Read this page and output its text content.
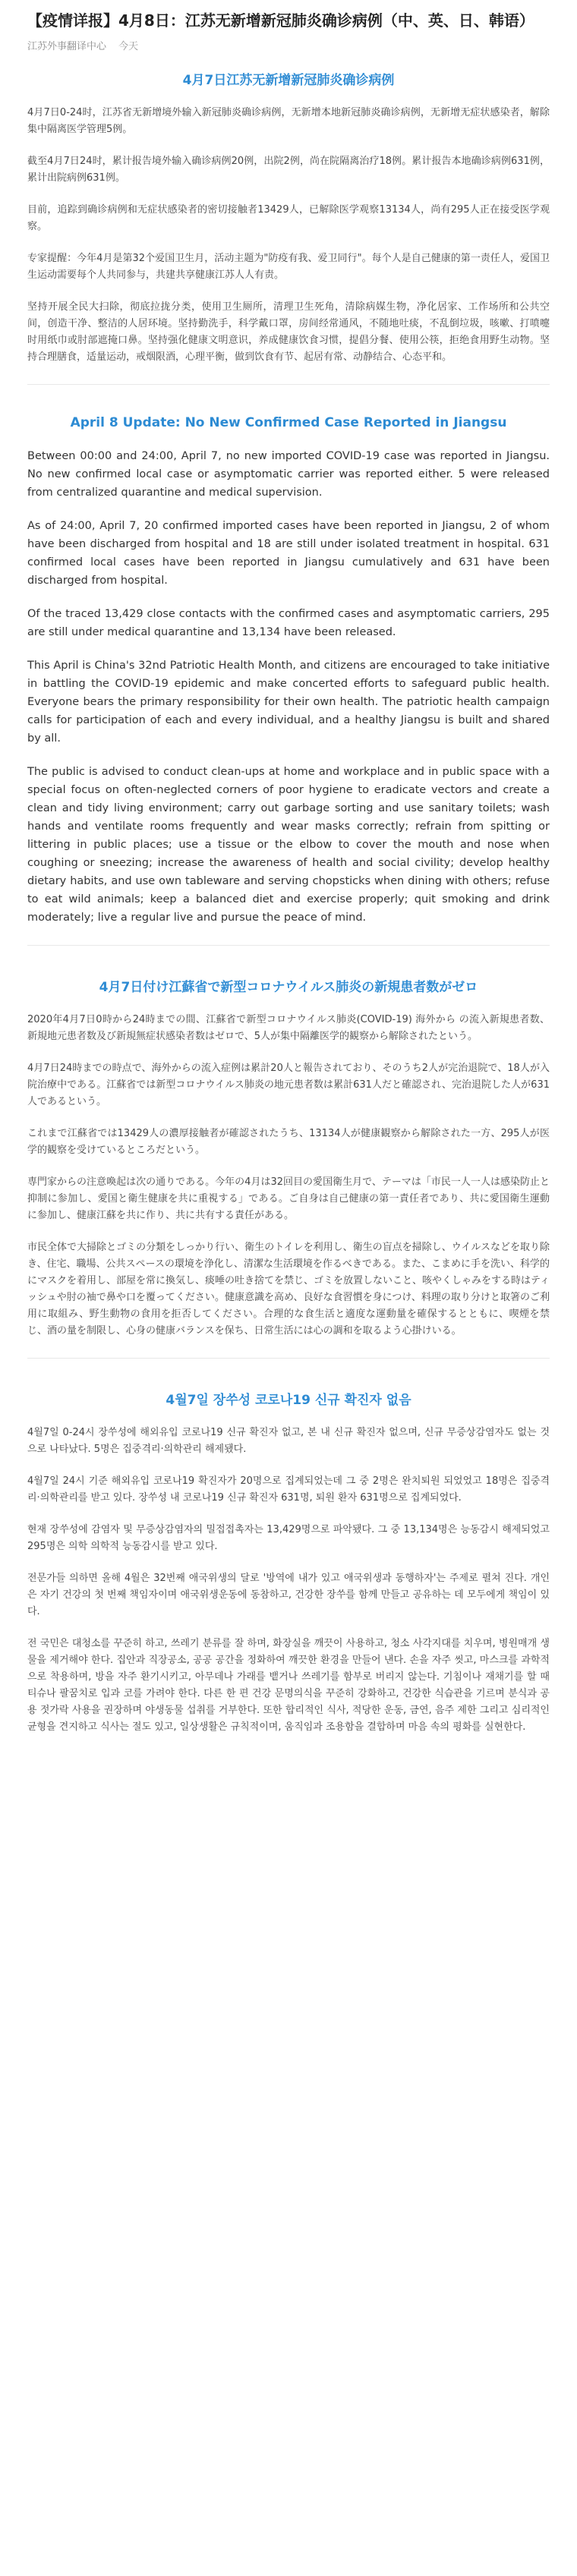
【疫情详报】4月8日：江苏无新增新冠肺炎确诊病例（中、英、日、韩语）
江苏外事翻译中心 今天
4月7日江苏无新增新冠肺炎确诊病例

4月7日0-24时，江苏省无新增境外输入新冠肺炎确诊病例，无新增本地新冠肺炎确诊病例，无新增无症状感染者，解除集中隔离医学管理5例。

截至4月7日24时，累计报告境外输入确诊病例20例，出院2例，尚在院隔离治疗18例。累计报告本地确诊病例631例，累计出院病例631例。

目前，追踪到确诊病例和无症状感染者的密切接触者13429人，已解除医学观察13134人，尚有295人正在接受医学观察。

专家提醒：今年4月是第32个爱国卫生月，活动主题为"防疫有我、爱卫同行"。每个人是自己健康的第一责任人，爱国卫生运动需要每个人共同参与，共建共享健康江苏人人有责。

坚持开展全民大扫除，彻底拉拢分类，使用卫生厕所，清理卫生死角，清除病媒生物，净化居家、工作场所和公共空间，创造干净、整洁的人居环境。坚持勤洗手，科学戴口罩，房间经常通风，不随地吐痰，不乱倒垃圾，咳嗽、打喷嚏时用纸巾或肘部遮掩口鼻。坚持强化健康文明意识，养成健康饮食习惯，提倡分餐、使用公筷，拒绝食用野生动物。坚持合理膳食，适量运动，戒烟限酒，心理平衡，做到饮食有节、起居有常、动静结合、心态平和。

April 8 Update: No New Confirmed Case Reported in Jiangsu

Between 00:00 and 24:00, April 7, no new imported COVID-19 case was reported in Jiangsu. No new confirmed local case or asymptomatic carrier was reported either. 5 were released from centralized quarantine and medical supervision.

As of 24:00, April 7, 20 confirmed imported cases have been reported in Jiangsu, 2 of whom have been discharged from hospital and 18 are still under isolated treatment in hospital. 631 confirmed local cases have been reported in Jiangsu cumulatively and 631 have been discharged from hospital.

Of the traced 13,429 close contacts with the confirmed cases and asymptomatic carriers, 295 are still under medical quarantine and 13,134 have been released.

This April is China's 32nd Patriotic Health Month, and citizens are encouraged to take initiative in battling the COVID-19 epidemic and make concerted efforts to safeguard public health. Everyone bears the primary responsibility for their own health. The patriotic health campaign calls for participation of each and every individual, and a healthy Jiangsu is built and shared by all.

The public is advised to conduct clean-ups at home and workplace and in public space with a special focus on often-neglected corners of poor hygiene to eradicate vectors and create a clean and tidy living environment; carry out garbage sorting and use sanitary toilets; wash hands and ventilate rooms frequently and wear masks correctly; refrain from spitting or littering in public places; use a tissue or the elbow to cover the mouth and nose when coughing or sneezing; increase the awareness of health and social civility; develop healthy dietary habits, and use own tableware and serving chopsticks when dining with others; refuse to eat wild animals; keep a balanced diet and exercise properly; quit smoking and drink moderately; live a regular live and pursue the peace of mind.

4月7日付け江蘇省で新型コロナウイルス肺炎の新規患者数がゼロ

2020年4月7日0時から24時までの間、江蘇省で新型コロナウイルス肺炎(COVID-19) 海外から の流入新規患者数、新規地元患者数及び新規無症状感染者数はゼロで、5人が集中隔離医学的観察から解除されたという。

4月7日24時までの時点で、海外からの流入症例は累計20人と報告されており、そのうち2人が完治退院で、18人が入院治療中である。江蘇省では新型コロナウイルス肺炎の地元患者数は累計631人だと確認され、完治退院した人が631人であるという。

これまで江蘇省では13429人の濃厚接触者が確認されたうち、13134人が健康観察から解除された一方、295人が医学的観察を受けているところだという。

専門家からの注意喚起は次の通りである。今年の4月は32回目の愛国衛生月で、テーマは「市民一人一人は感染防止と抑制に参加し、愛国と衛生健康を共に重視する」である。ご自身は自己健康の第一責任者であり、共に愛国衛生運動に参加し、健康江蘇を共に作り、共に共有する責任がある。

市民全体で大掃除とゴミの分類をしっかり行い、衛生のトイレを利用し、衛生の盲点を掃除し、ウイルスなどを取り除き、住宅、職場、公共スペースの環境を浄化し、清潔な生活環境を作るべきである。また、こまめに手を洗い、科学的にマスクを着用し、部屋を常に換気し、痰唾の吐き捨てを禁じ、ゴミを放置しないこと、咳やくしゃみをする時はティッシュや肘の袖で鼻や口を覆ってください。健康意識を高め、良好な食習慣を身につけ、料理の取り分けと取箸のご利用に取組み、野生動物の食用を拒否してください。合理的な食生活と適度な運動量を確保するとともに、喫煙を禁じ、酒の量を制限し、心身の健康バランスを保ち、日常生活には心の調和を取るよう心掛けいる。

4월7일 장쑤성 코로나19 신규 확진자 없음

4월7일 0-24시 장쑤성에 해외유입 코로나19 신규 확진자 없고, 본 내 신규 확진자 없으며, 신규 무증상감염자도 없는 것으로 나타났다. 5명은 집중격리·의학관리 해제됐다.

4월7일 24시 기준 해외유입 코로나19 확진자가 20명으로 집계되었는데 그 중 2명은 완치퇴원 되었었고 18명은 집중격리·의학관리를 받고 있다. 장쑤성 내 코로나19 신규 확진자 631명, 퇴원 환자 631명으로 집계되었다.

현재 장쑤성에 감염자 및 무증상감염자의 밀접접촉자는 13,429명으로 파악됐다. 그 중 13,134명은 능동감시 해제되었고 295명은 의학 의학적 능동감시를 받고 있다.

전문가들 의하면 올해 4월은 32번째 애국위생의 달로 '방역에 내가 있고 애국위생과 동행하자'는 주제로 펼쳐 진다. 개인은 자기 건강의 첫 번째 책임자이며 애국위생운동에 동참하고, 건강한 장쑤를 함께 만들고 공유하는 데 모두에게 책임이 있다.

전 국민은 대청소를 꾸준히 하고, 쓰레기 분류를 잘 하며, 화장실을 깨끗이 사용하고, 청소 사각지대를 치우며, 병원매개 생물을 제거해야 한다. 집안과 직장공소, 공공 공간을 정화하여 깨끗한 환경을 만들어 낸다. 손을 자주 씻고, 마스크를 과학적으로 착용하며, 방을 자주 환기시키고, 아무데나 가래를 뱉거나 쓰레기를 함부로 버리지 않는다. 기침이나 재채기를 할 때 티슈나 팔꿈치로 입과 코를 가려야 한다. 다른 한 편 건강 문명의식을 꾸준히 강화하고, 건강한 식습관을 기르며 분식과 공용 젓가락 사용을 권장하며 야생동물 섭취를 거부한다. 또한 합리적인 식사, 적당한 운동, 금연, 음주 제한 그리고 심리적인 균형을 견지하고 식사는 절도 있고, 일상생활은 규칙적이며, 움직임과 조용함을 결합하며 마음 속의 평화를 실현한다.
